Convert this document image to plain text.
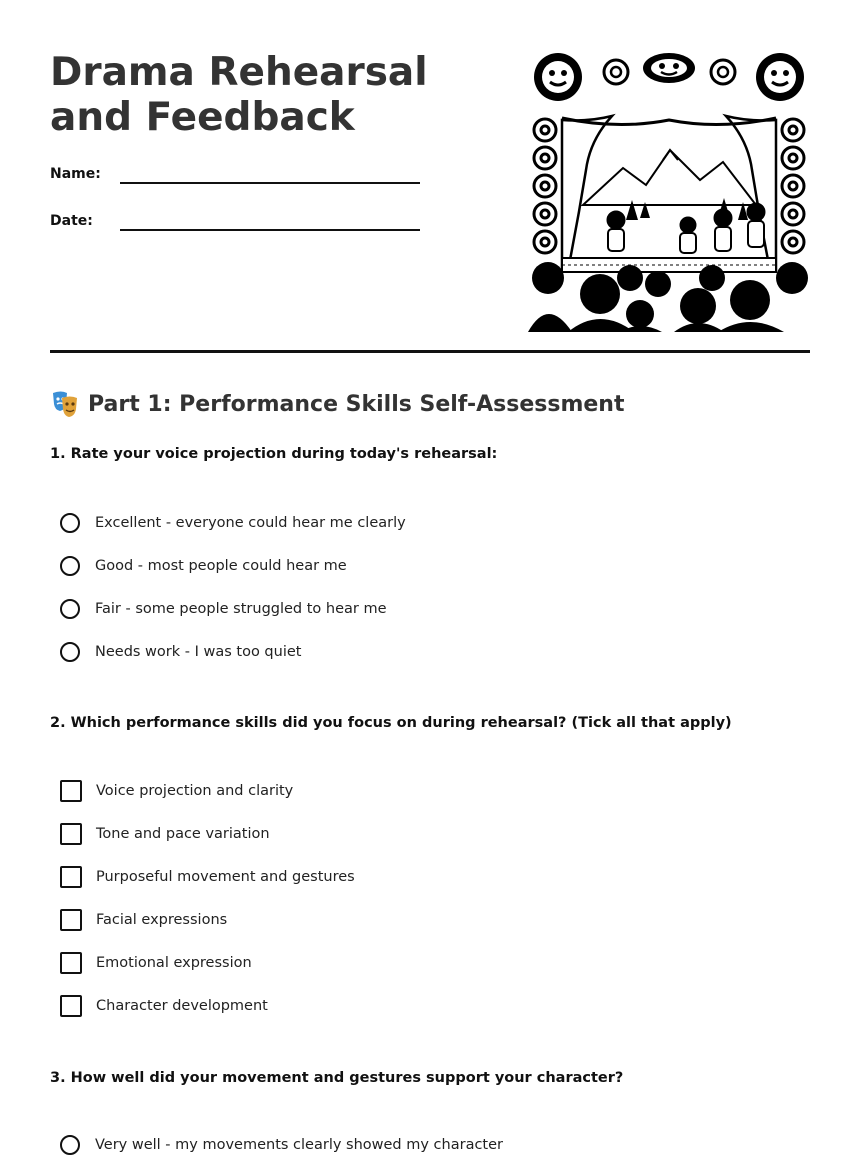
Drama Rehearsal and Feedback
Name:
Date:
Part 1: Performance Skills Self-Assessment
1. Rate your voice projection during today's rehearsal:
Excellent - everyone could hear me clearly
Good - most people could hear me
Fair - some people struggled to hear me
Needs work - I was too quiet
2. Which performance skills did you focus on during rehearsal? (Tick all that apply)
Voice projection and clarity
Tone and pace variation
Purposeful movement and gestures
Facial expressions
Emotional expression
Character development
3. How well did your movement and gestures support your character?
Very well - my movements clearly showed my character
